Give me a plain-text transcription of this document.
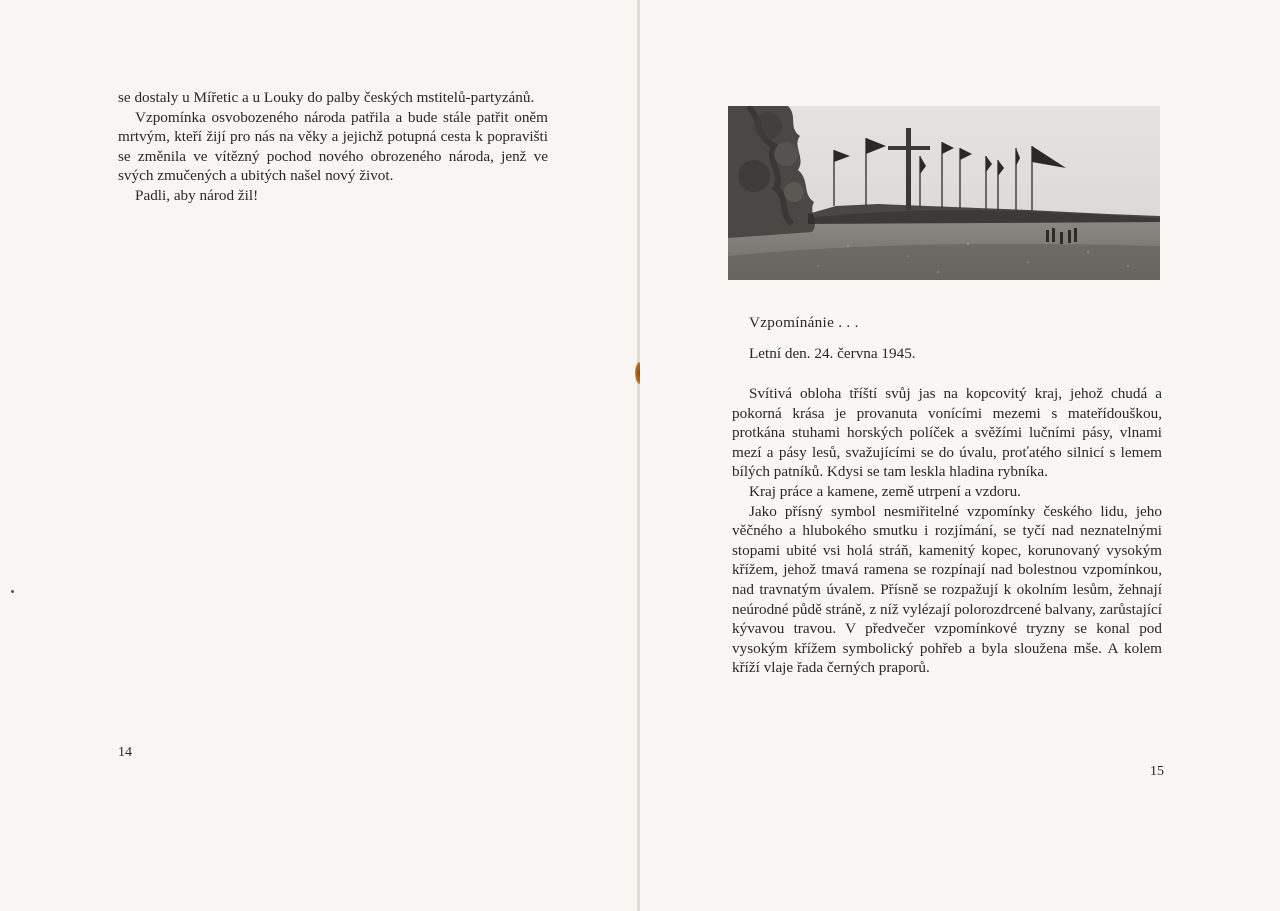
se dostaly u Mířetic a u Louky do palby českých mstitelů-partyzánů.

Vzpomínka osvobozeného národa patřila a bude stále patřit oněm mrtvým, kteří žijí pro nás na věky a jejichž potupná cesta k popravišti se změnila ve vítězný pochod nového obrozeného národa, jenž ve svých zmučených a ubitých našel nový život.

Padli, aby národ žil!

14
Vzpomínánie . . .
Letní den. 24. června 1945.

Svítivá obloha tříští svůj jas na kopcovitý kraj, jehož chudá a pokorná krása je provanuta vonícími mezemi s mateřídouškou, protkána stuhami horských políček a svěžími lučními pásy, vlnami mezí a pásy lesů, svažujícími se do úvalu, proťatého silnicí s lemem bílých patníků. Kdysi se tam leskla hladina rybníka.

Kraj práce a kamene, země utrpení a vzdoru.

Jako přísný symbol nesmiřitelné vzpomínky českého lidu, jeho věčného a hlubokého smutku i rozjímání, se tyčí nad neznatelnými stopami ubité vsi holá stráň, kamenitý kopec, korunovaný vysokým křížem, jehož tmavá ramena se rozpínají nad bolestnou vzpomínkou, nad travnatým úvalem. Přísně se rozpažují k okolním lesům, žehnají neúrodné půdě stráně, z níž vylézají polorozdrcené balvany, zarůstající kývavou travou. V předvečer vzpomínkové tryzny se konal pod vysokým křížem symbolický pohřeb a byla sloužena mše. A kolem kříží vlaje řada černých praporů.

15
